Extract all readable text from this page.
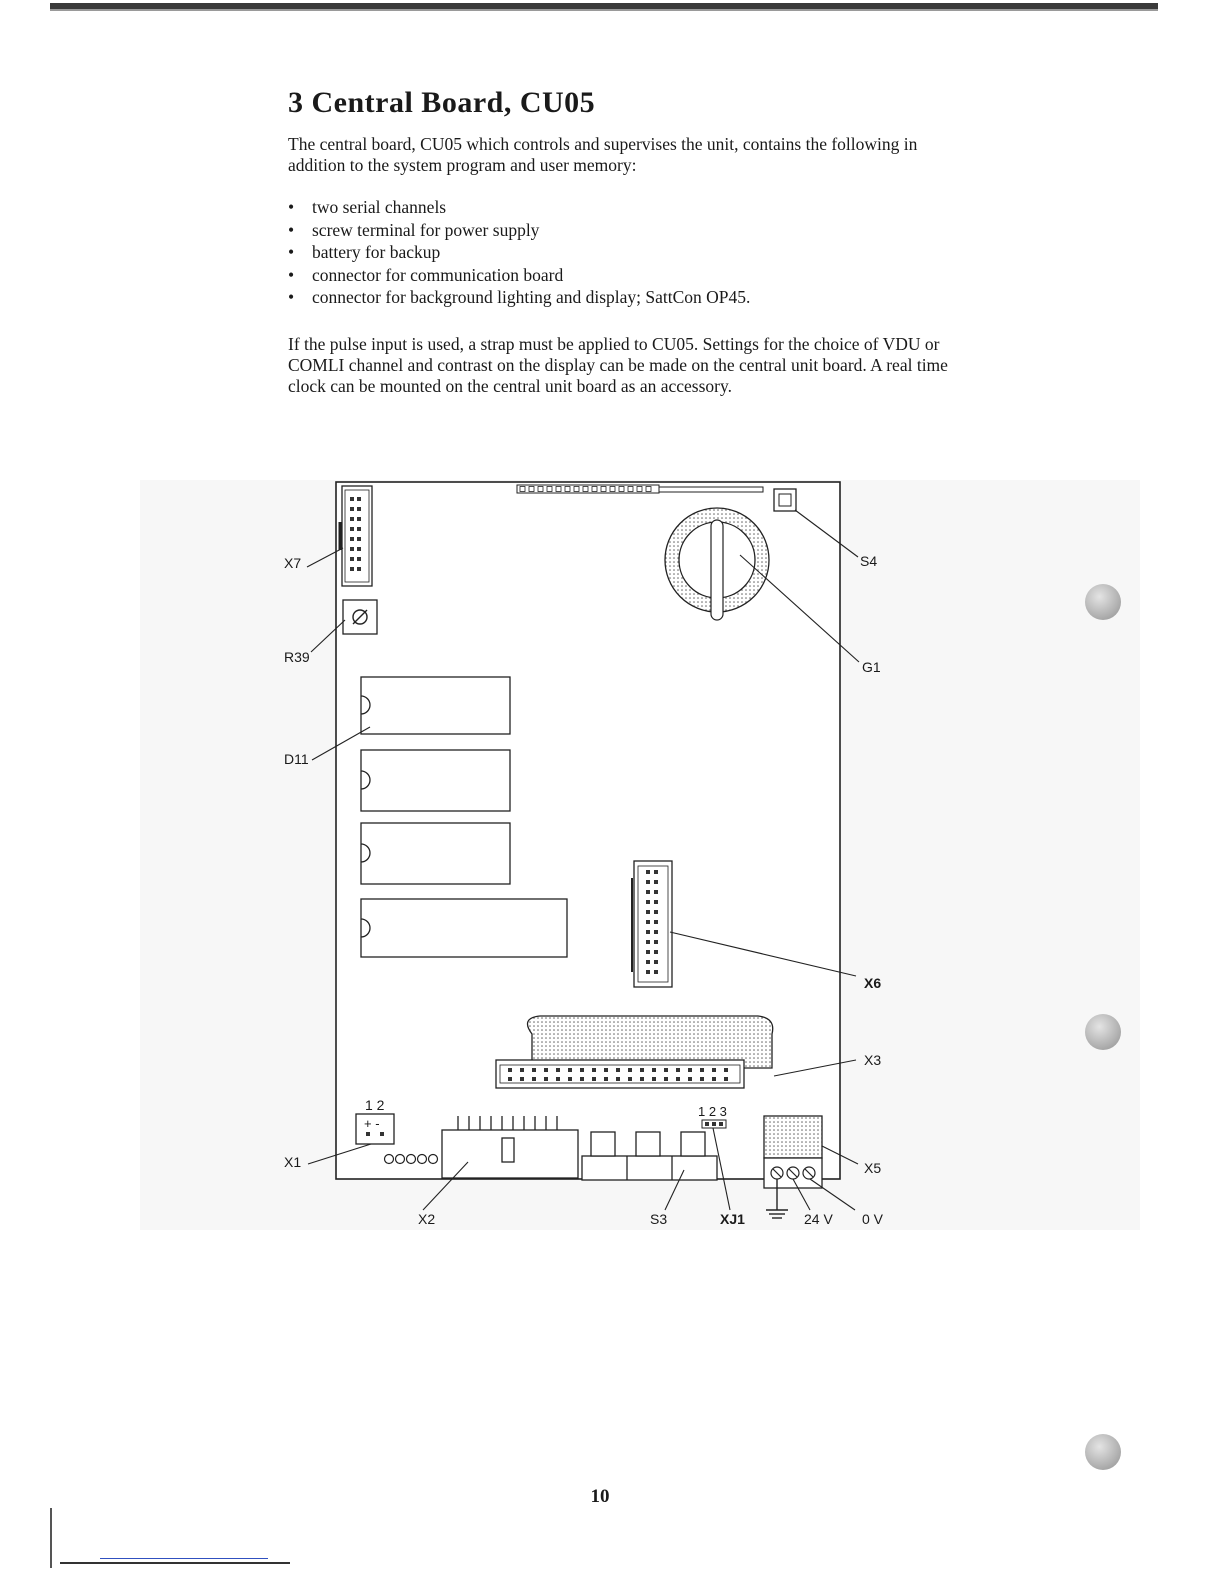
3 Central Board, CU05
The central board, CU05 which controls and supervises the unit, contains the following in addition to the system program and user memory:
• two serial channels
• screw terminal for power supply
• battery for backup
• connector for communication board
• connector for background lighting and display; SattCon OP45.
If the pulse input is used, a strap must be applied to CU05. Settings for the choice of VDU or COMLI channel and contrast on the display can be made on the central unit board. A real time clock can be mounted on the central unit board as an accessory.
1 2
+ -
1 2 3
X7	S4
R39
G1
D11
X6
X3
X1	X5
X2	S3	XJ1	24 V 0 V
10
